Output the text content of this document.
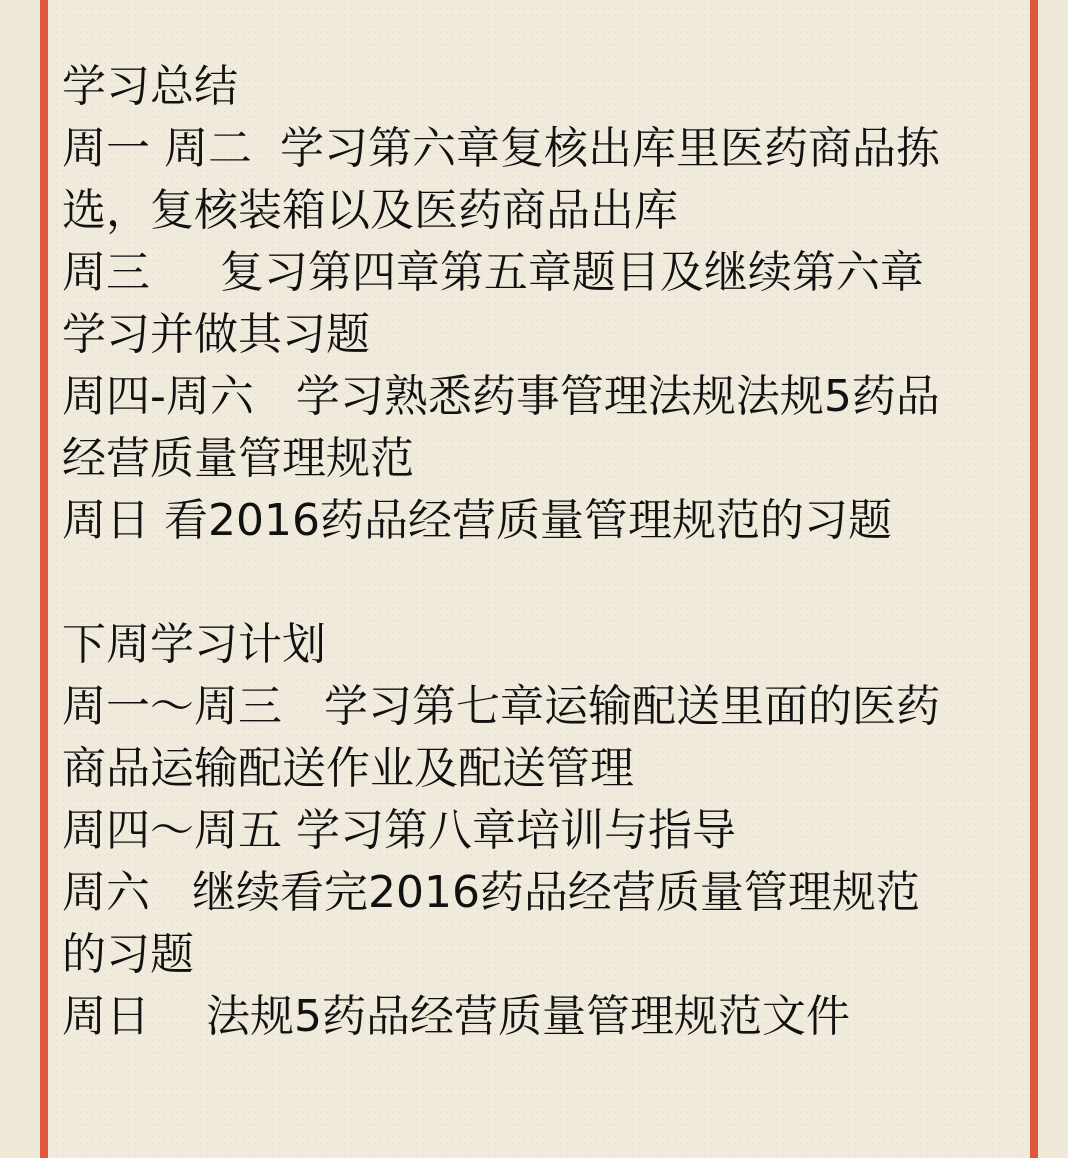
学习总结
周一 周二  学习第六章复核出库里医药商品拣
选，复核装箱以及医药商品出库
周三     复习第四章第五章题目及继续第六章
学习并做其习题
周四-周六   学习熟悉药事管理法规法规5药品
经营质量管理规范
周日 看2016药品经营质量管理规范的习题
下周学习计划
周一～周三   学习第七章运输配送里面的医药
商品运输配送作业及配送管理
周四～周五 学习第八章培训与指导
周六   继续看完2016药品经营质量管理规范
的习题
周日    法规5药品经营质量管理规范文件
